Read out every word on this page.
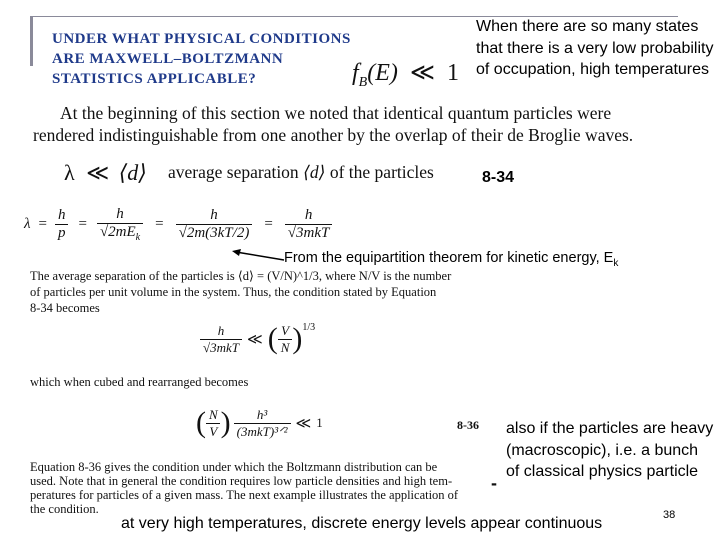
UNDER WHAT PHYSICAL CONDITIONS
ARE MAXWELL–BOLTZMANN
STATISTICS APPLICABLE?	$f_B(E)$ ≪ 1
When there are so many states that there is a very low probability of occupation, high temperatures
At the beginning of this section we noted that identical quantum particles were
rendered indistinguishable from one another by the overlap of their de Broglie waves.
λ ≪ ⟨d⟩ average separation ⟨d⟩ of the particles	8-34
$\lambda = \frac{h}{p} = \frac{h}{√2mE_k} = \frac{h}{√2m(3kT/2)} = \frac{h}{\text{√3mkT}}$
From the equipartition theorem for kinetic energy, $E_k$
The average separation of the particles is ⟨d⟩ = (V/N)^1/3, where N/V is the number
of particles per unit volume in the system. Thus, the condition stated by Equation
8-34 becomes
$\frac{h}{\text{√3mkT}}$ ≪ ( $\frac{V}{N} )^{1/3}$
which when cubed and rearranged becomes
( $\frac{N}{V}$ ) $\frac{\text{h³}}{\text{(3mkT)³ᐟ²}}$ ≪ 1	8-36
Equation 8-36 gives the condition under which the Boltzmann distribution can be
used. Note that in general the condition requires low particle densities and high tem-
peratures for particles of a given mass. The next example illustrates the application of
the condition.
-
also if the particles are heavy (macroscopic), i.e. a bunch of classical physics particle
at very high temperatures, discrete energy levels appear continuous	38
